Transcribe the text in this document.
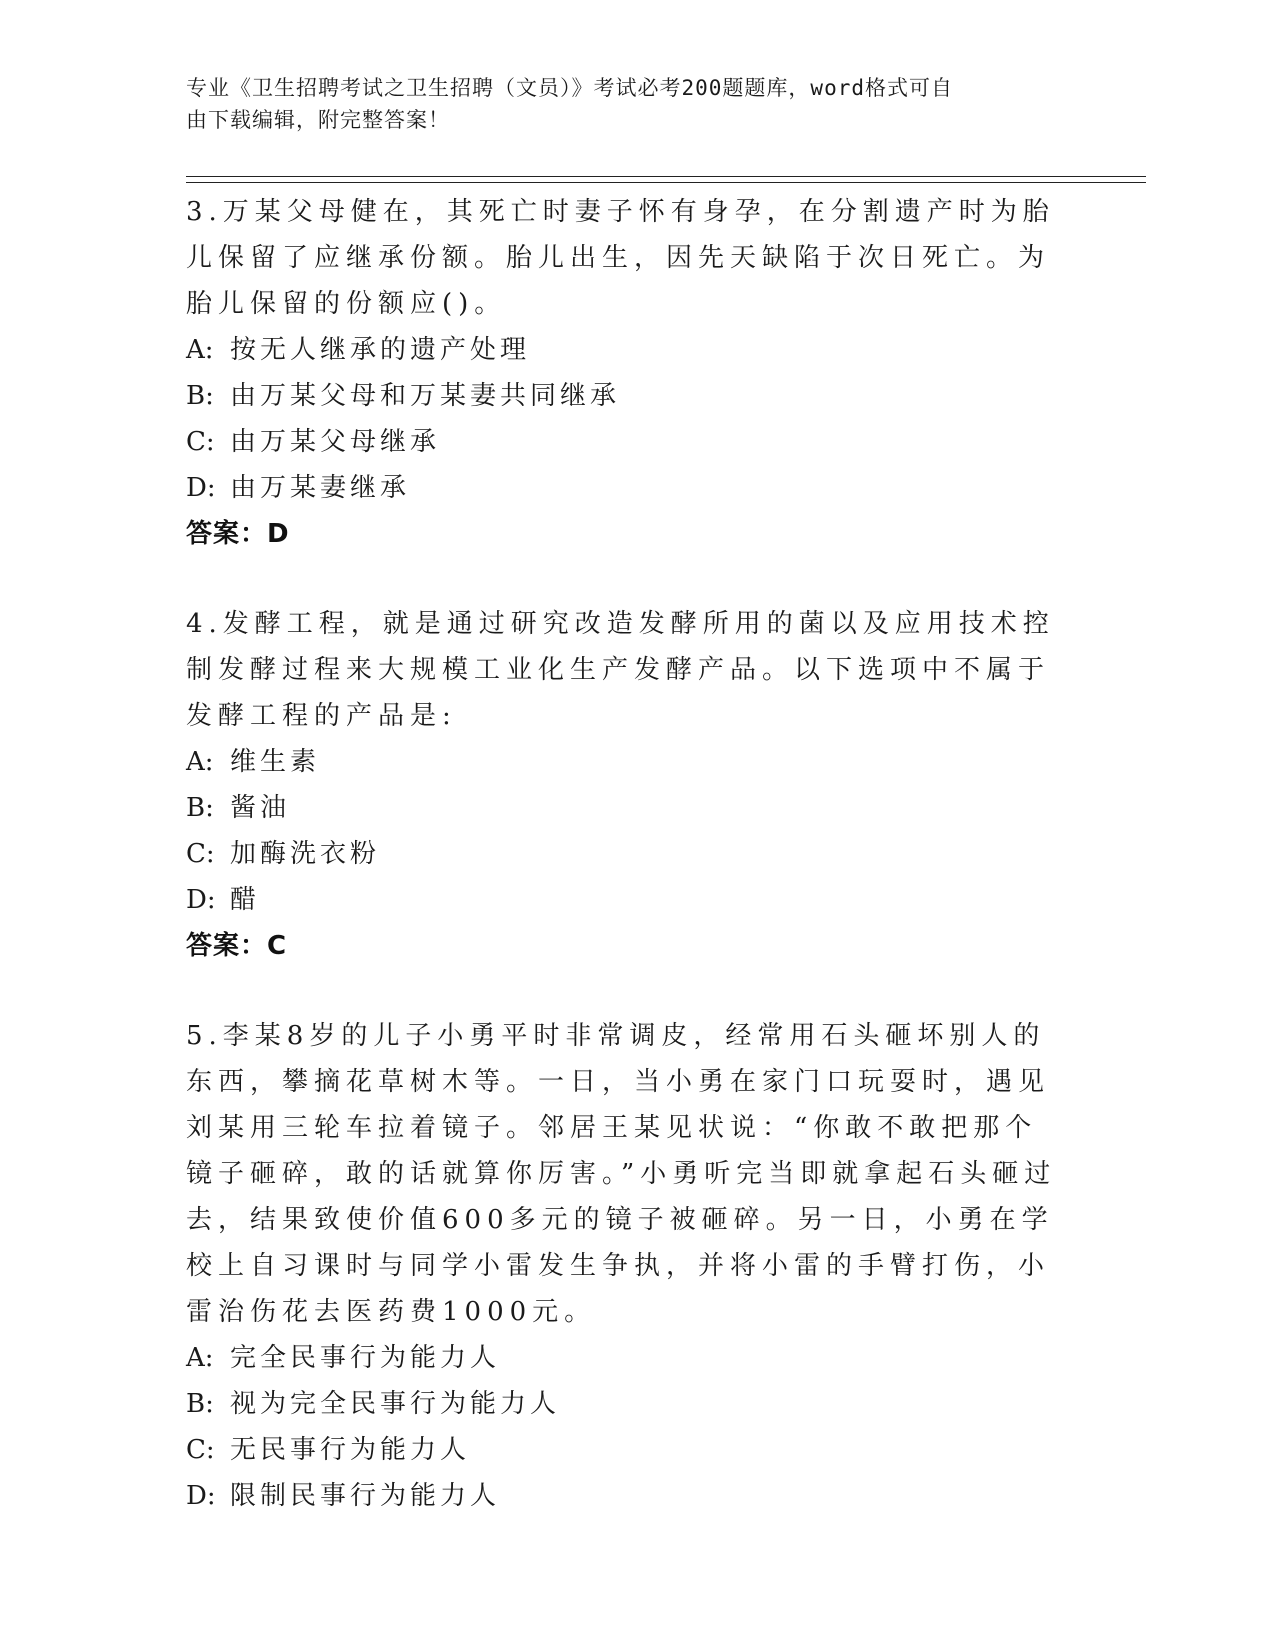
专业《卫生招聘考试之卫生招聘（文员）》考试必考200题题库，word格式可自
由下载编辑，附完整答案！

3.万某父母健在，其死亡时妻子怀有身孕，在分割遗产时为胎儿保留了应继承份额。胎儿出生，因先天缺陷于次日死亡。为胎儿保留的份额应()。

A: 按无人继承的遗产处理
B: 由万某父母和万某妻共同继承
C: 由万某父母继承
D: 由万某妻继承
答案：D

4.发酵工程，就是通过研究改造发酵所用的菌以及应用技术控制发酵过程来大规模工业化生产发酵产品。以下选项中不属于发酵工程的产品是:

A: 维生素
B: 酱油
C: 加酶洗衣粉
D: 醋
答案：C

5.李某8岁的儿子小勇平时非常调皮，经常用石头砸坏别人的东西，攀摘花草树木等。一日，当小勇在家门口玩耍时，遇见刘某用三轮车拉着镜子。邻居王某见状说：“你敢不敢把那个镜子砸碎，敢的话就算你厉害。”小勇听完当即就拿起石头砸过去，结果致使价值600多元的镜子被砸碎。另一日，小勇在学校上自习课时与同学小雷发生争执，并将小雷的手臂打伤，小雷治伤花去医药费1000元。

A: 完全民事行为能力人
B: 视为完全民事行为能力人
C: 无民事行为能力人
D: 限制民事行为能力人
